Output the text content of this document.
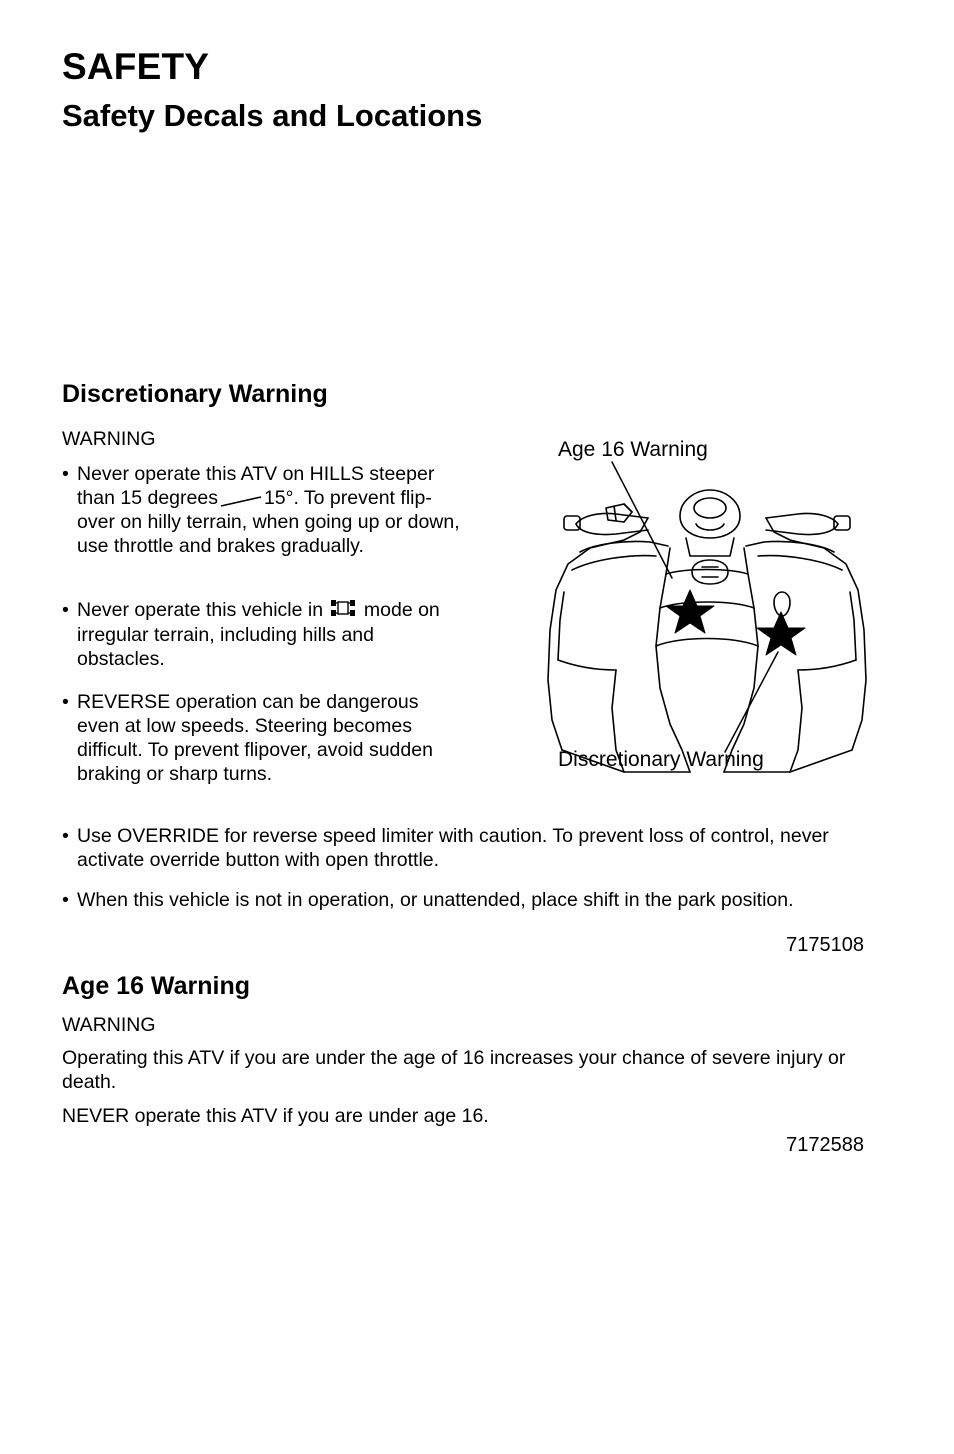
SAFETY
Safety Decals and Locations
Discretionary Warning
WARNING
• Never operate this ATV on HILLS steeper than 15 degrees 15°. To prevent flip-over on hilly terrain, when going up or down, use throttle and brakes gradually.
• Never operate this vehicle in mode on irregular terrain, including hills and obstacles.
• REVERSE operation can be dangerous even at low speeds. Steering becomes difficult. To prevent flipover, avoid sudden braking or sharp turns.
• Use OVERRIDE for reverse speed limiter with caution. To prevent loss of control, never activate override button with open throttle.
• When this vehicle is not in operation, or unattended, place shift in the park position.
7175108
Age 16 Warning
WARNING
Operating this ATV if you are under the age of 16 increases your chance of severe injury or death.
NEVER operate this ATV if you are under age 16.
7172588
Age 16 Warning
Discretionary Warning
